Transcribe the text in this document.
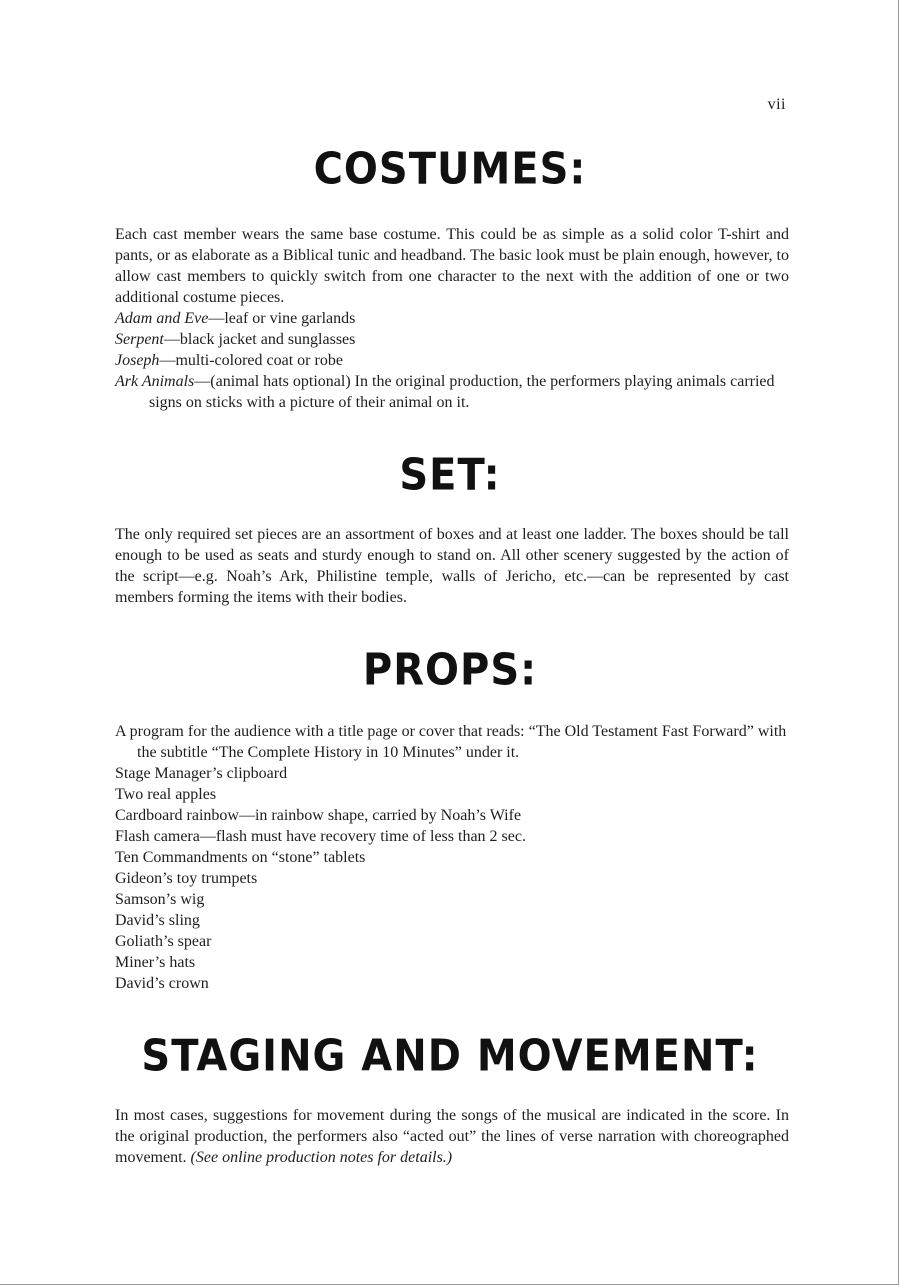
vii
COSTUMES:

Each cast member wears the same base costume. This could be as simple as a solid color T-shirt and pants, or as elaborate as a Biblical tunic and headband. The basic look must be plain enough, however, to allow cast members to quickly switch from one character to the next with the addition of one or two additional costume pieces.

Adam and Eve—leaf or vine garlands

Serpent—black jacket and sunglasses

Joseph—multi-colored coat or robe

Ark Animals—(animal hats optional) In the original production, the performers playing animals carried signs on sticks with a picture of their animal on it.

SET:

The only required set pieces are an assortment of boxes and at least one ladder. The boxes should be tall enough to be used as seats and sturdy enough to stand on. All other scenery suggested by the action of the script—e.g. Noah’s Ark, Philistine temple, walls of Jericho, etc.—can be represented by cast members forming the items with their bodies.

PROPS:

A program for the audience with a title page or cover that reads: “The Old Testament Fast Forward” with the subtitle “The Complete History in 10 Minutes” under it.

Stage Manager’s clipboard

Two real apples

Cardboard rainbow—in rainbow shape, carried by Noah’s Wife

Flash camera—flash must have recovery time of less than 2 sec.

Ten Commandments on “stone” tablets

Gideon’s toy trumpets

Samson’s wig

David’s sling

Goliath’s spear

Miner’s hats

David’s crown

STAGING AND MOVEMENT:

In most cases, suggestions for movement during the songs of the musical are indicated in the score. In the original production, the performers also “acted out” the lines of verse narration with choreographed movement. (See online production notes for details.)
